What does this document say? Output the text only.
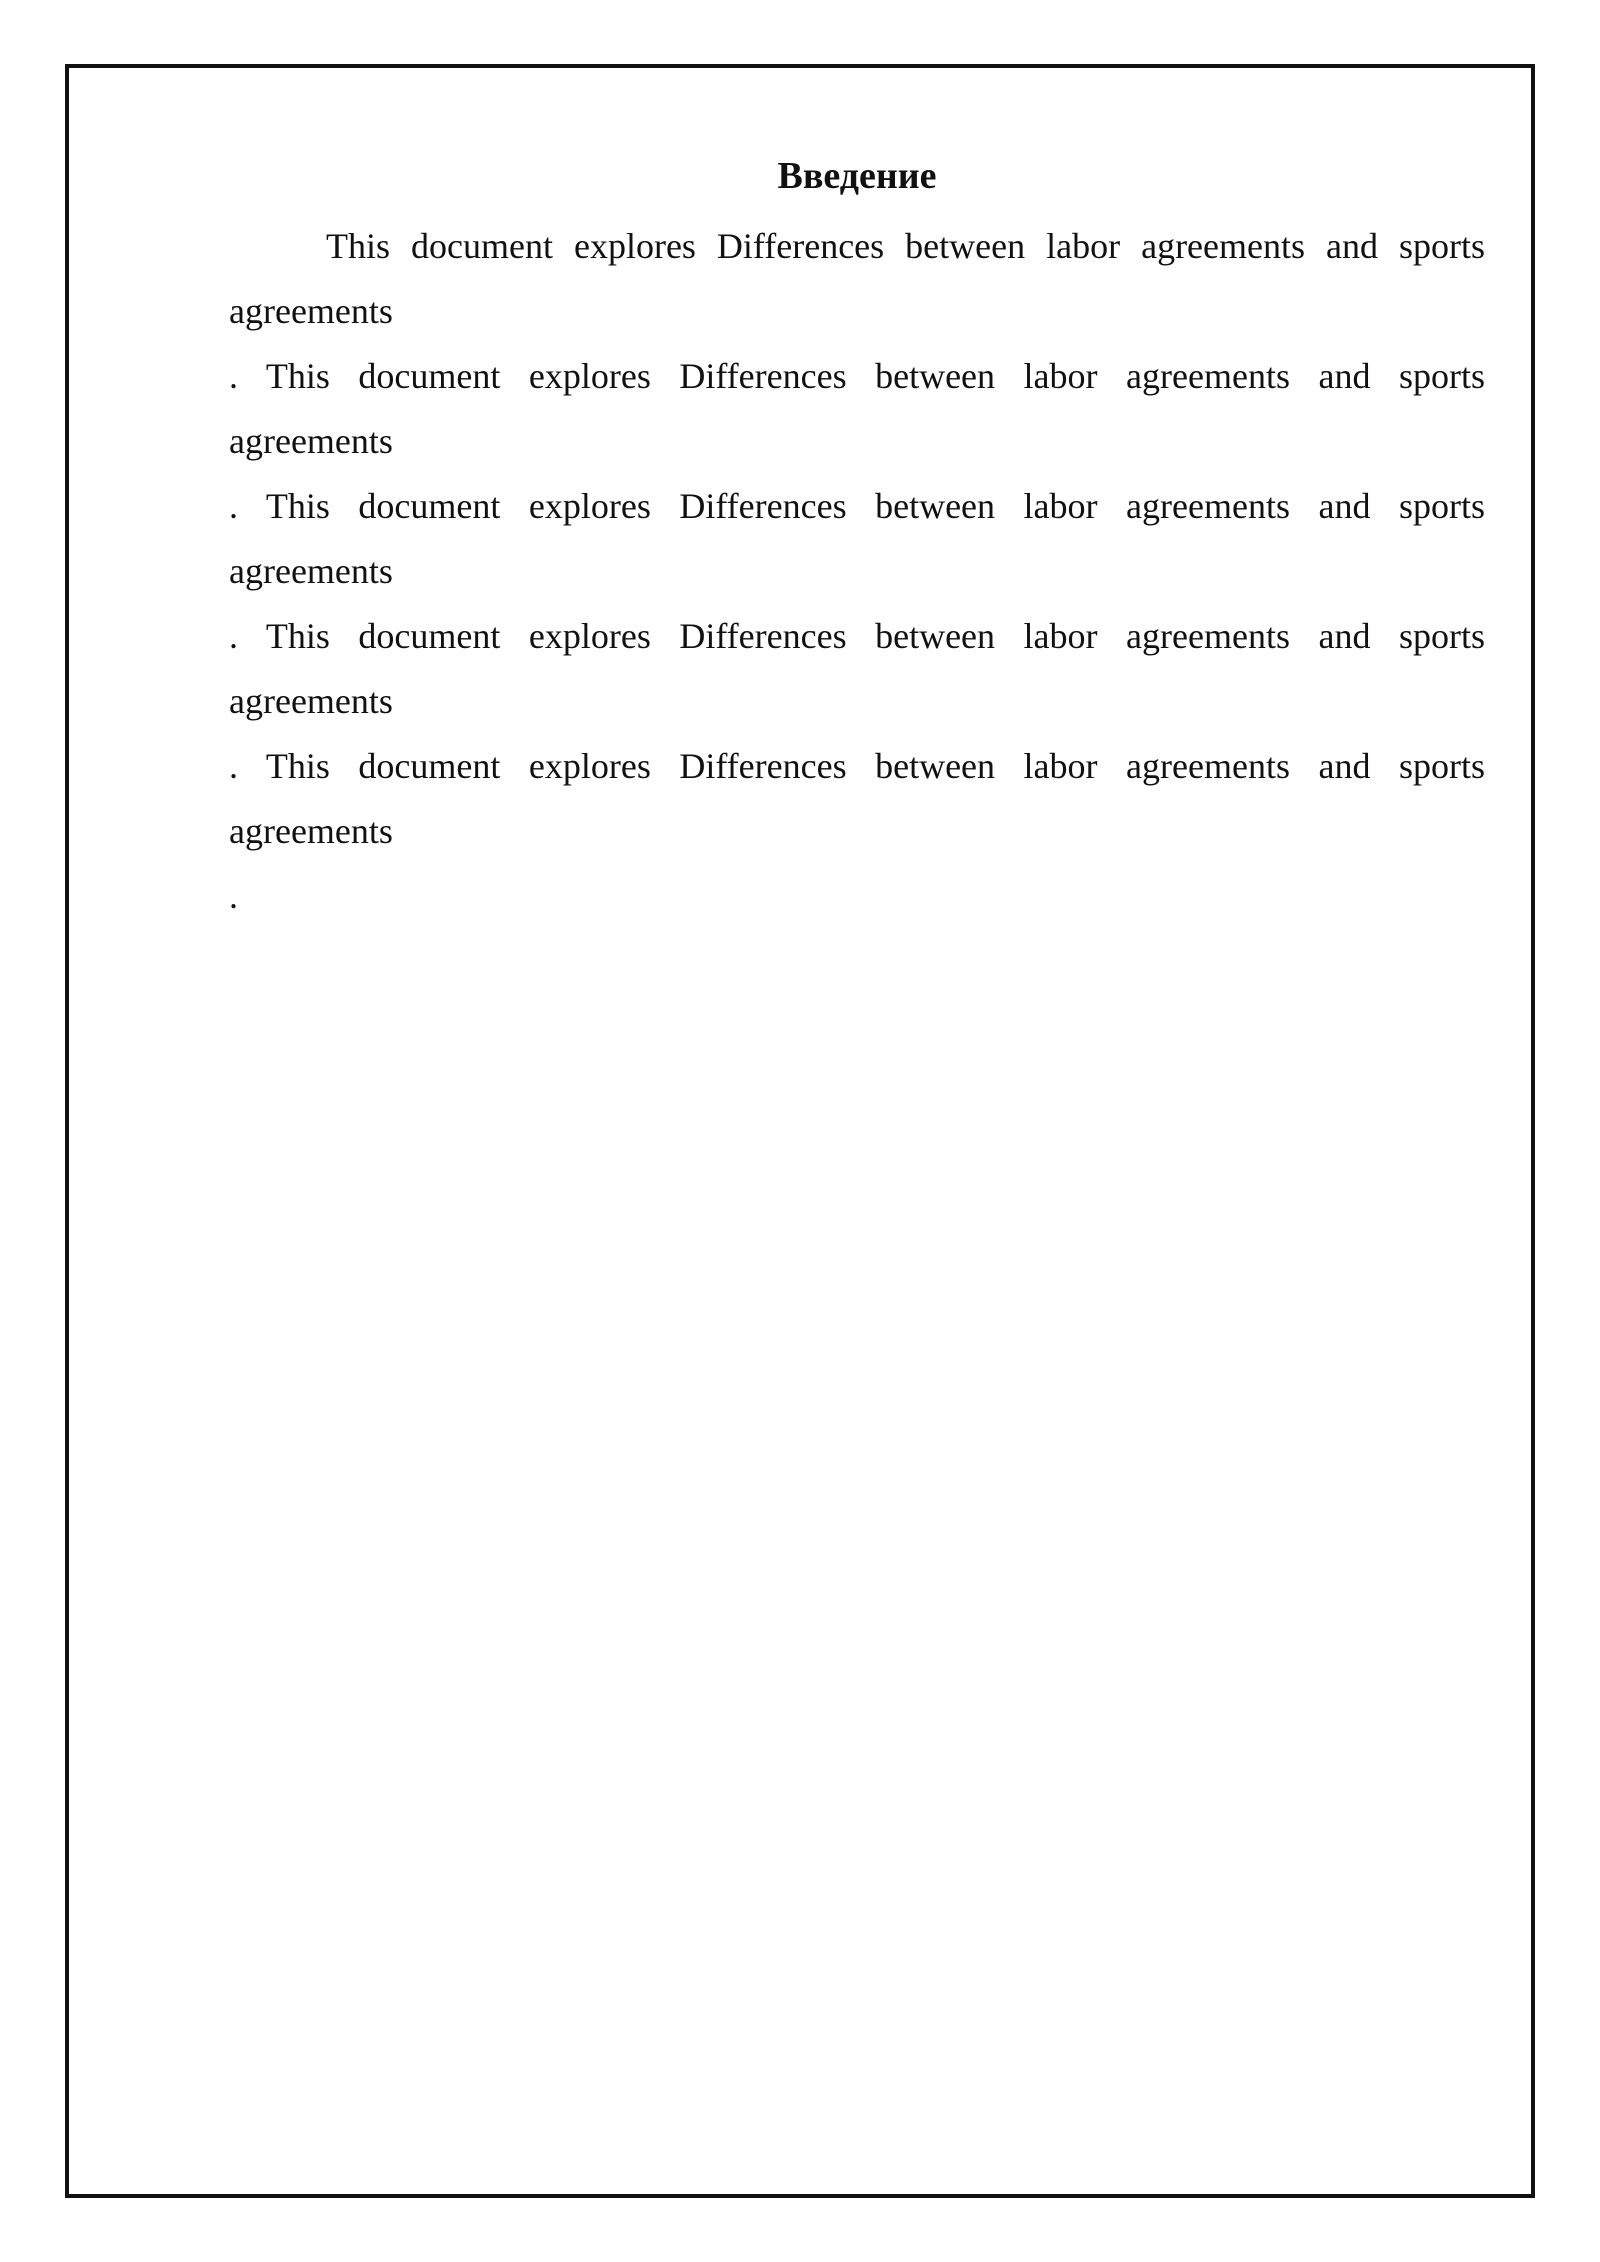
Введение
This document explores Differences between labor agreements and sports
agreements
. This document explores Differences between labor agreements and sports
agreements
. This document explores Differences between labor agreements and sports
agreements
. This document explores Differences between labor agreements and sports
agreements
. This document explores Differences between labor agreements and sports
agreements
.
